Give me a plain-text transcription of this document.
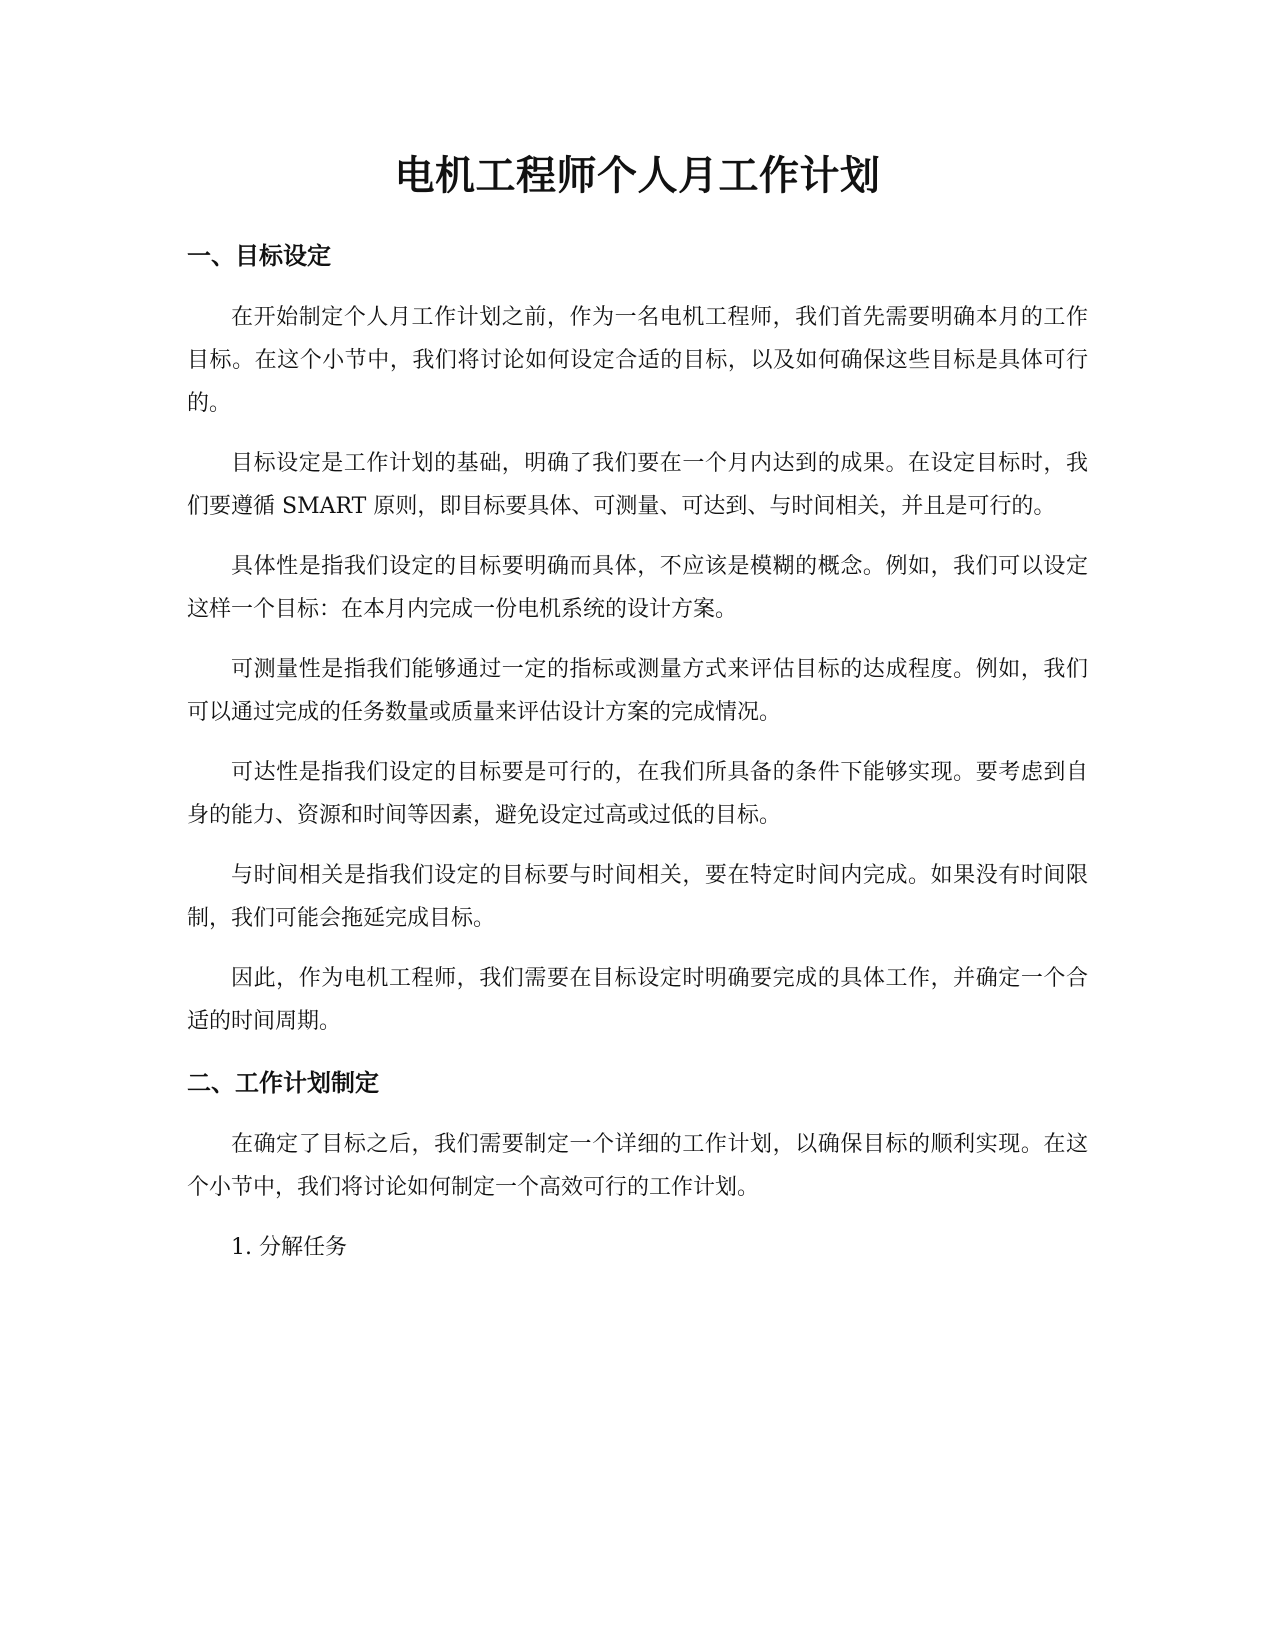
电机工程师个人月工作计划
一、目标设定

在开始制定个人月工作计划之前，作为一名电机工程师，我们首先需要明确本月的工作目标。在这个小节中，我们将讨论如何设定合适的目标，以及如何确保这些目标是具体可行的。

目标设定是工作计划的基础，明确了我们要在一个月内达到的成果。在设定目标时，我们要遵循 SMART 原则，即目标要具体、可测量、可达到、与时间相关，并且是可行的。

具体性是指我们设定的目标要明确而具体，不应该是模糊的概念。例如，我们可以设定这样一个目标：在本月内完成一份电机系统的设计方案。

可测量性是指我们能够通过一定的指标或测量方式来评估目标的达成程度。例如，我们可以通过完成的任务数量或质量来评估设计方案的完成情况。

可达性是指我们设定的目标要是可行的，在我们所具备的条件下能够实现。要考虑到自身的能力、资源和时间等因素，避免设定过高或过低的目标。

与时间相关是指我们设定的目标要与时间相关，要在特定时间内完成。如果没有时间限制，我们可能会拖延完成目标。

因此，作为电机工程师，我们需要在目标设定时明确要完成的具体工作，并确定一个合适的时间周期。

二、工作计划制定

在确定了目标之后，我们需要制定一个详细的工作计划，以确保目标的顺利实现。在这个小节中，我们将讨论如何制定一个高效可行的工作计划。

1. 分解任务
